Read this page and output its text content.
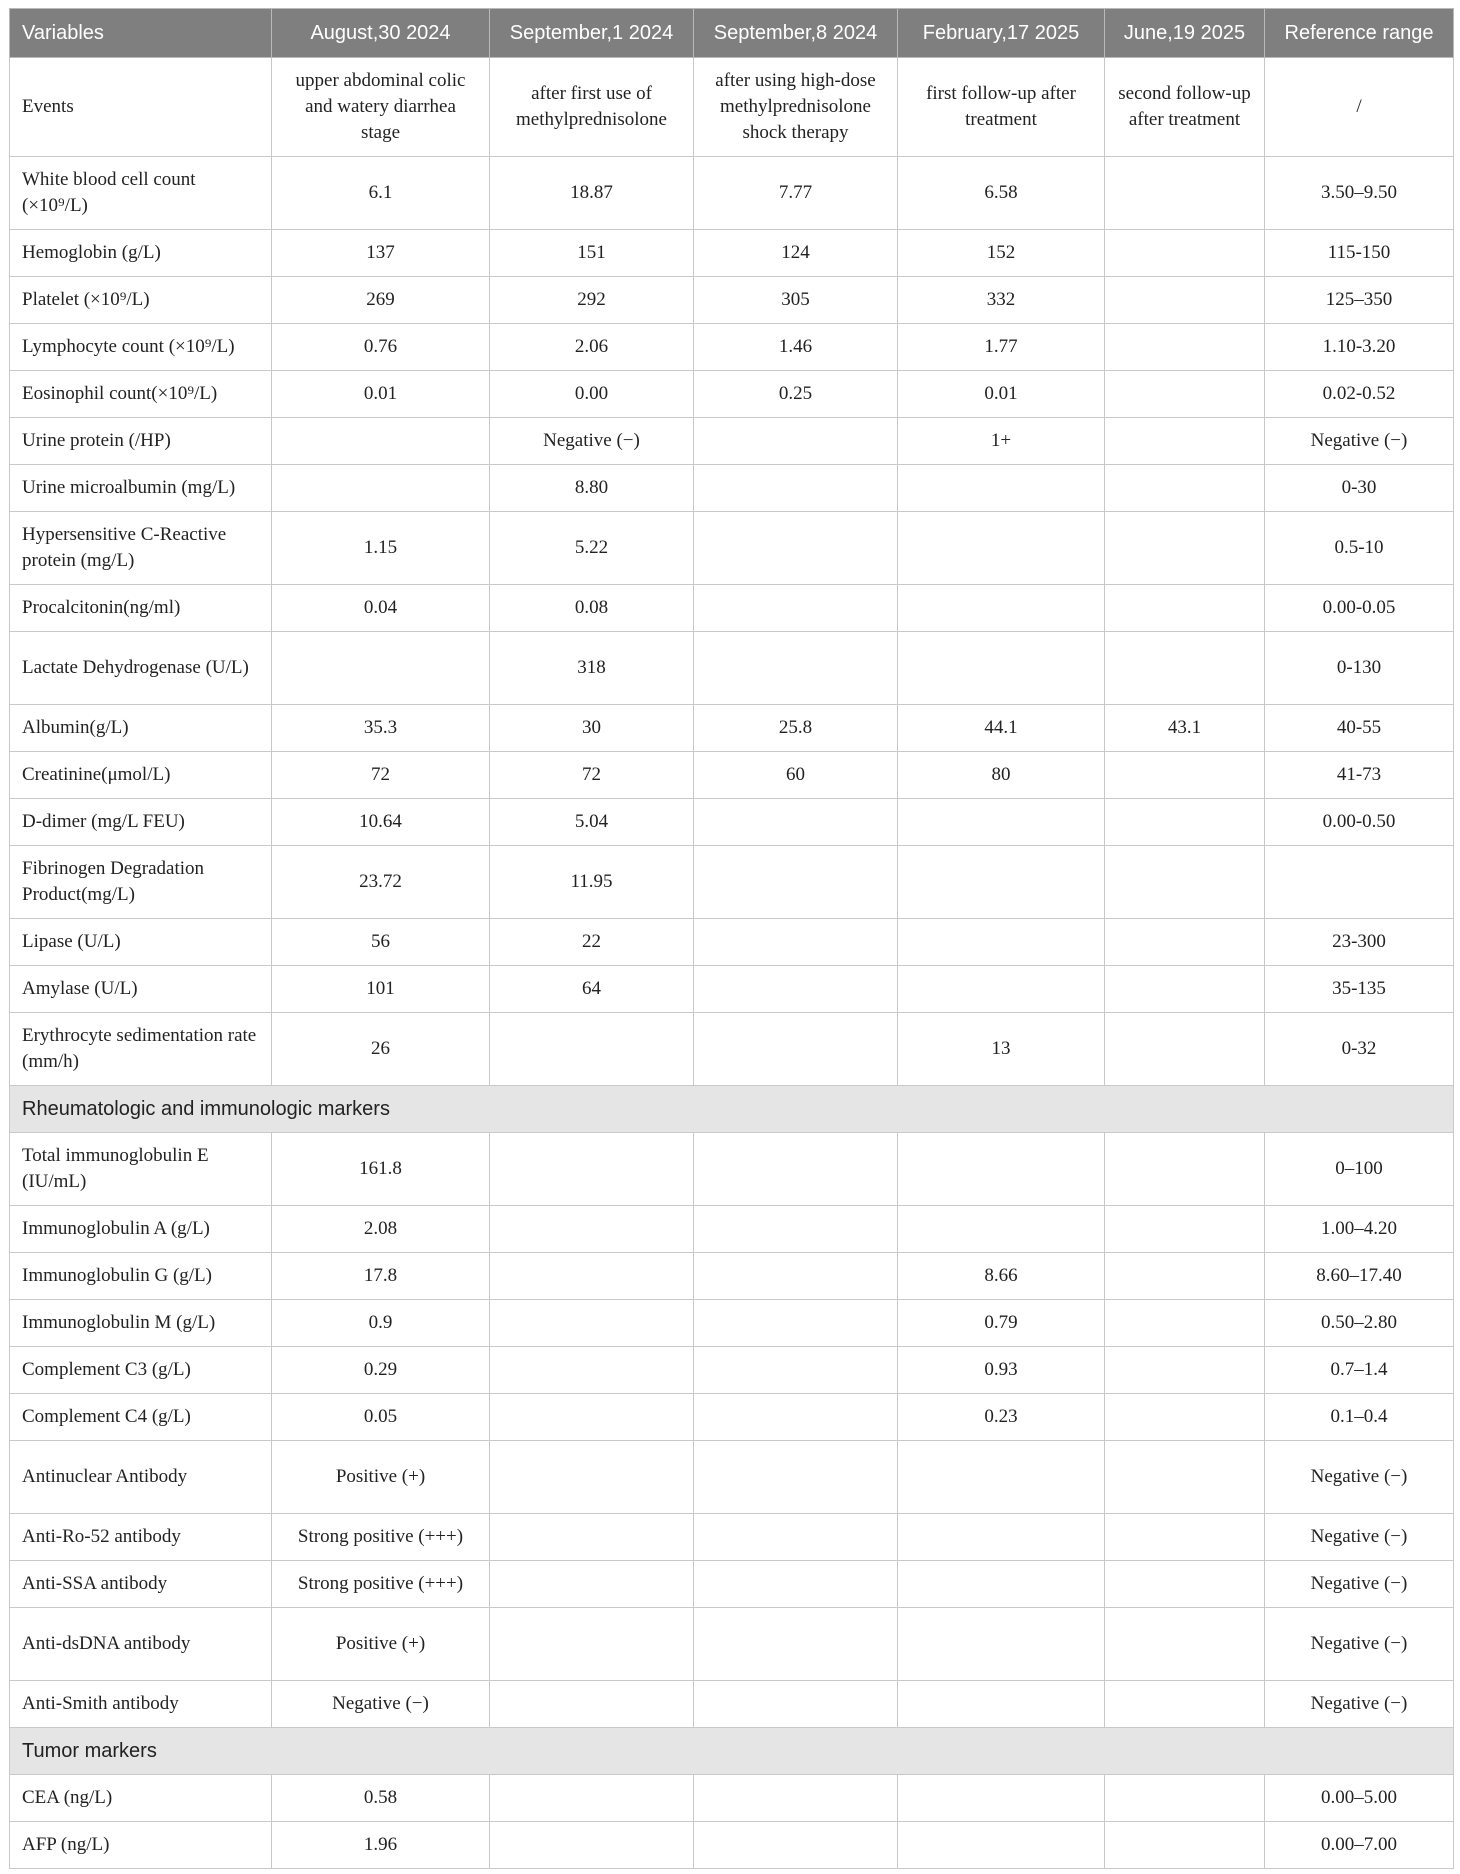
Variables	August,30 2024	September,1 2024	September,8 2024	February,17 2025	June,19 2025	Reference range
Events	upper abdominal colic and watery diarrhea stage	after first use of methylprednisolone	after using high-dose methylprednisolone shock therapy	first follow-up after treatment	second follow-up after treatment	/
White blood cell count (×10⁹/L)	6.1	18.87	7.77	6.58		3.50–9.50
Hemoglobin (g/L)	137	151	124	152		115-150
Platelet (×10⁹/L)	269	292	305	332		125–350
Lymphocyte count (×10⁹/L)	0.76	2.06	1.46	1.77		1.10-3.20
Eosinophil count(×10⁹/L)	0.01	0.00	0.25	0.01		0.02-0.52
Urine protein (/HP)		Negative (−)		1+		Negative (−)
Urine microalbumin (mg/L)		8.80				0-30
Hypersensitive C-Reactive protein (mg/L)	1.15	5.22				0.5-10
Procalcitonin(ng/ml)	0.04	0.08				0.00-0.05
Lactate Dehydrogenase (U/L)		318				0-130
Albumin(g/L)	35.3	30	25.8	44.1	43.1	40-55
Creatinine(μmol/L)	72	72	60	80		41-73
D-dimer (mg/L FEU)	10.64	5.04				0.00-0.50
Fibrinogen Degradation Product(mg/L)	23.72	11.95				
Lipase (U/L)	56	22				23-300
Amylase (U/L)	101	64				35-135
Erythrocyte sedimentation rate (mm/h)	26			13		0-32
Rheumatologic and immunologic markers						
Total immunoglobulin E (IU/mL)	161.8					0–100
Immunoglobulin A (g/L)	2.08					1.00–4.20
Immunoglobulin G (g/L)	17.8			8.66		8.60–17.40
Immunoglobulin M (g/L)	0.9			0.79		0.50–2.80
Complement C3 (g/L)	0.29			0.93		0.7–1.4
Complement C4 (g/L)	0.05			0.23		0.1–0.4
Antinuclear Antibody	Positive (+)					Negative (−)
Anti-Ro-52 antibody	Strong positive (+++)					Negative (−)
Anti-SSA antibody	Strong positive (+++)					Negative (−)
Anti-dsDNA antibody	Positive (+)					Negative (−)
Anti-Smith antibody	Negative (−)					Negative (−)
Tumor markers						
CEA (ng/L)	0.58					0.00–5.00
AFP (ng/L)	1.96					0.00–7.00
